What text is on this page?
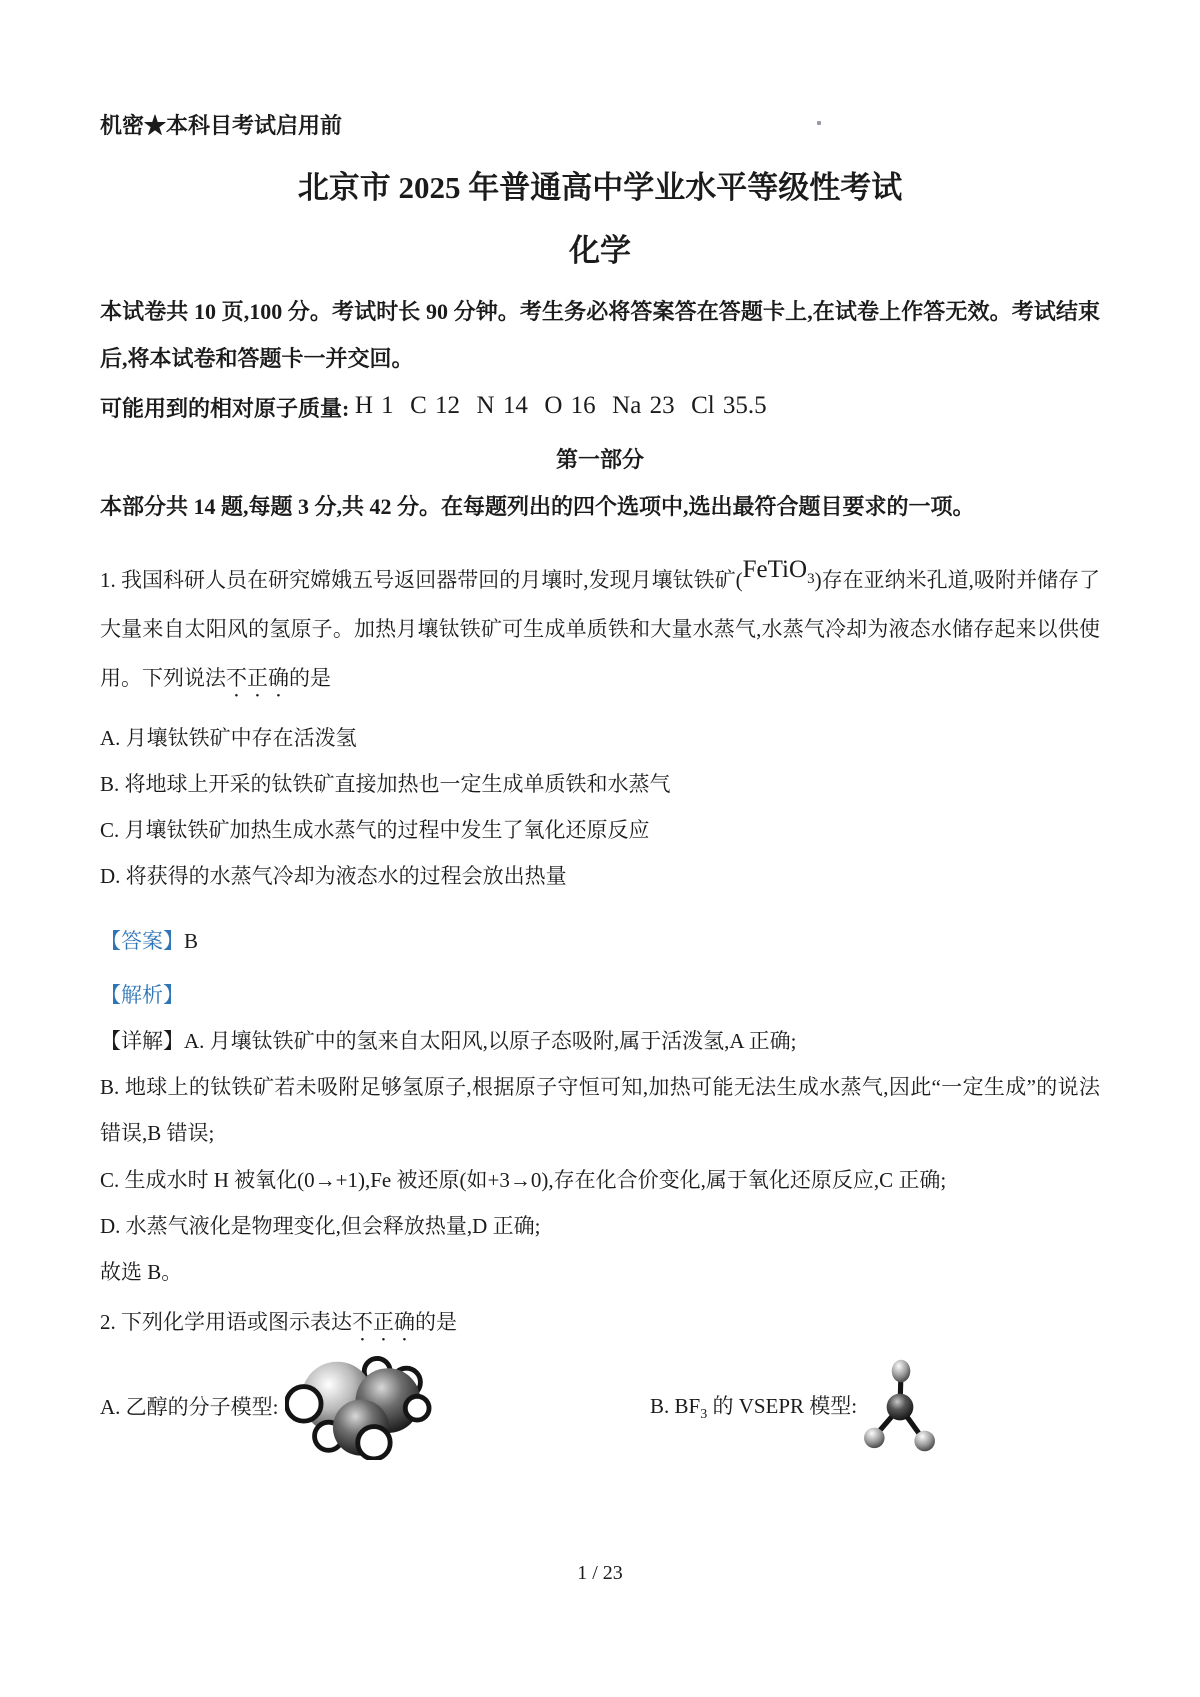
机密★本科目考试启用前

北京市 2025 年普通高中学业水平等级性考试
化学

本试卷共 10 页,100 分。考试时长 90 分钟。考生务必将答案答在答题卡上,在试卷上作答无效。考试结束后,将本试卷和答题卡一并交回。

可能用到的相对原子质量: H 1  C 12  N 14  O 16  Na 23  Cl 35.5

第一部分

本部分共 14 题,每题 3 分,共 42 分。在每题列出的四个选项中,选出最符合题目要求的一项。

1. 我国科研人员在研究嫦娥五号返回器带回的月壤时,发现月壤钛铁矿(FeTiO$_3$)存在亚纳米孔道,吸附并储存了大量来自太阳风的氢原子。加热月壤钛铁矿可生成单质铁和大量水蒸气,水蒸气冷却为液态水储存起来以供使用。下列说法不正确的是

A. 月壤钛铁矿中存在活泼氢

B. 将地球上开采的钛铁矿直接加热也一定生成单质铁和水蒸气

C. 月壤钛铁矿加热生成水蒸气的过程中发生了氧化还原反应

D. 将获得的水蒸气冷却为液态水的过程会放出热量

【答案】B

【解析】

【详解】A. 月壤钛铁矿中的氢来自太阳风,以原子态吸附,属于活泼氢,A 正确;

B. 地球上的钛铁矿若未吸附足够氢原子,根据原子守恒可知,加热可能无法生成水蒸气,因此“一定生成”的说法错误,B 错误;

C. 生成水时 H 被氧化(0→+1),Fe 被还原(如+3→0),存在化合价变化,属于氧化还原反应,C 正确;

D. 水蒸气液化是物理变化,但会释放热量,D 正确;

故选 B。

2. 下列化学用语或图示表达不正确的是

A. 乙醇的分子模型:	B. $BF_3$ 的 VSEPR 模型:
1 / 23
